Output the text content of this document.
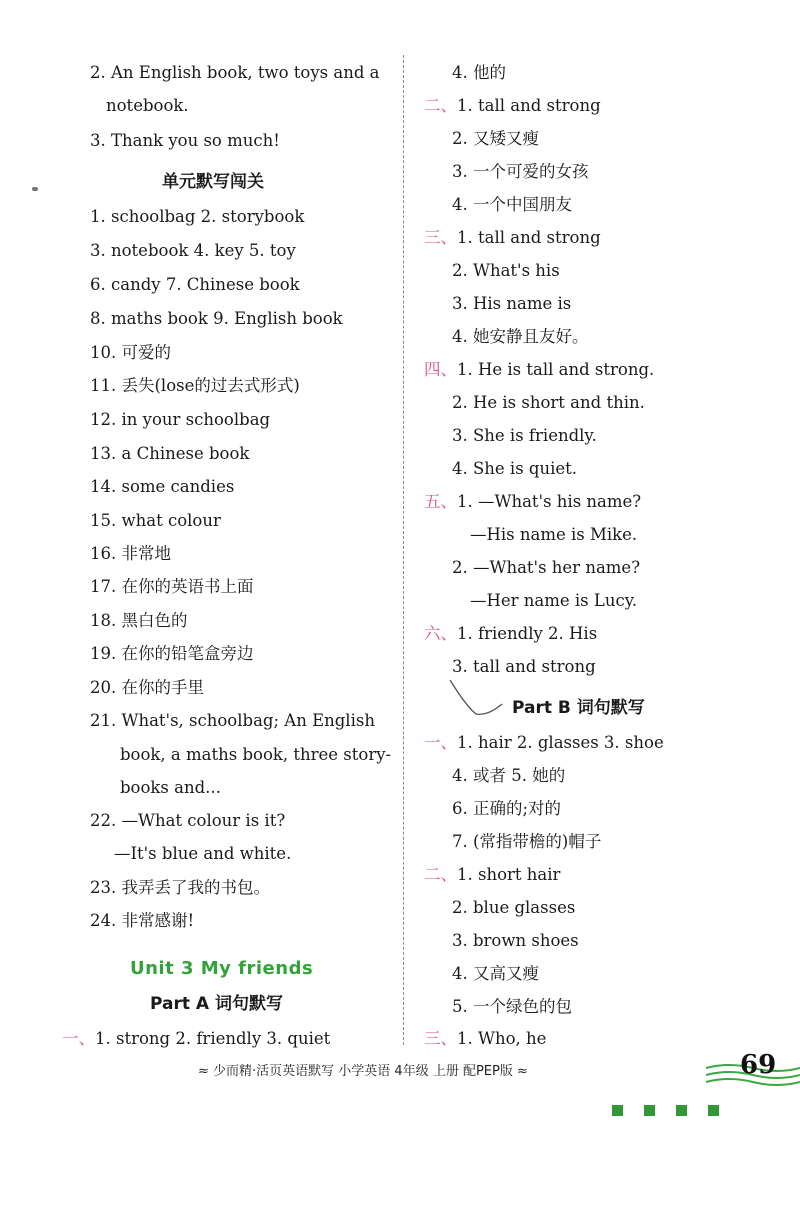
2. An English book, two toys and a
notebook.
3. Thank you so much!
单元默写闯关
1. schoolbag 2. storybook
3. notebook 4. key 5. toy
6. candy 7. Chinese book
8. maths book 9. English book
10. 可爱的
11. 丢失(lose的过去式形式)
12. in your schoolbag
13. a Chinese book
14. some candies
15. what colour
16. 非常地
17. 在你的英语书上面
18. 黑白色的
19. 在你的铅笔盒旁边
20. 在你的手里
21. What's, schoolbag; An English
book, a maths book, three story-
books and...
22. —What colour is it?
—It's blue and white.
23. 我弄丢了我的书包。
24. 非常感谢!
Unit 3 My friends
Part A 词句默写
一、1. strong 2. friendly 3. quiet
4. 他的
二、1. tall and strong
2. 又矮又瘦
3. 一个可爱的女孩
4. 一个中国朋友
三、1. tall and strong
2. What's his
3. His name is
4. 她安静且友好。
四、1. He is tall and strong.
2. He is short and thin.
3. She is friendly.
4. She is quiet.
五、1. —What's his name?
—His name is Mike.
2. —What's her name?
—Her name is Lucy.
六、1. friendly 2. His
3. tall and strong
Part B 词句默写
一、1. hair 2. glasses 3. shoe
4. 或者 5. 她的
6. 正确的;对的
7. (常指带檐的)帽子
二、1. short hair
2. blue glasses
3. brown shoes
4. 又高又瘦
5. 一个绿色的包
三、1. Who, he
≈ 少而精·活页英语默写 小学英语 4年级 上册 配PEP版 ≈	69
